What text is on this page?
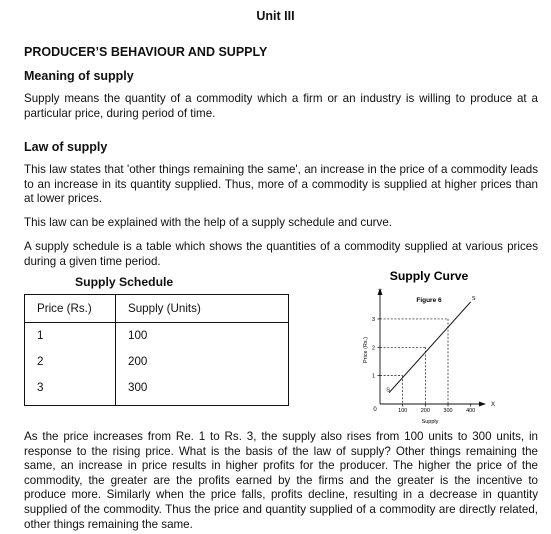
Unit III
PRODUCER’S BEHAVIOUR AND SUPPLY
Meaning of supply
Supply means the quantity of a commodity which a firm or an industry is willing to produce at a particular price, during period of time.
Law of supply
This law states that 'other things remaining the same', an increase in the price of a commodity leads to an increase in its quantity supplied. Thus, more of a commodity is supplied at higher prices than at lower prices.
This law can be explained with the help of a supply schedule and curve.
A supply schedule is a table which shows the quantities of a commodity supplied at various prices during a given time period.
Supply Schedule
Price (Rs.)	Supply (Units)
1	100
2	200
3	300
Supply Curve
Figure 6
Y
X
0
Supply
Price (Rs.)
100 200 300 400
1
2
3
S
S
As the price increases from Re. 1 to Rs. 3, the supply also rises from 100 units to 300 units, in response to the rising price. What is the basis of the law of supply? Other things remaining the same, an increase in price results in higher profits for the producer. The higher the price of the commodity, the greater are the profits earned by the firms and the greater is the incentive to produce more. Similarly when the price falls, profits decline, resulting in a decrease in quantity supplied of the commodity. Thus the price and quantity supplied of a commodity are directly related, other things remaining the same.
